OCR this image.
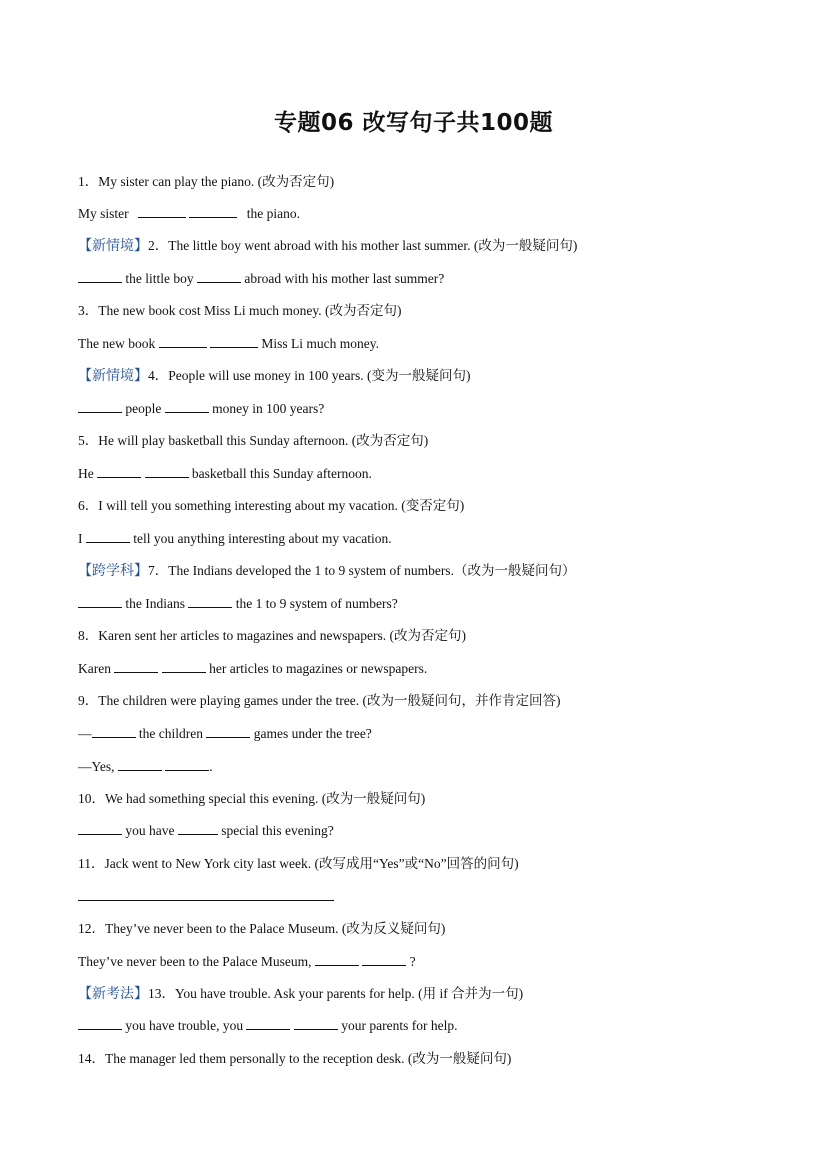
专题06 改写句子共100题
1．My sister can play the piano. (改为否定句)
My sister	the piano.
【新情境】2．The little boy went abroad with his mother last summer. (改为一般疑问句)
the little boy	abroad with his mother last summer?
3．The new book cost Miss Li much money. (改为否定句)
The new book	Miss Li much money.
【新情境】4．People will use money in 100 years. (变为一般疑问句)
people	money in 100 years?
5．He will play basketball this Sunday afternoon. (改为否定句)
He	basketball this Sunday afternoon.
6．I will tell you something interesting about my vacation. (变否定句)
I	tell you anything interesting about my vacation.
【跨学科】7．The Indians developed the 1 to 9 system of numbers.（改为一般疑问句）
the Indians	the 1 to 9 system of numbers?
8．Karen sent her articles to magazines and newspapers. (改为否定句)
Karen	her articles to magazines or newspapers.
9．The children were playing games under the tree. (改为一般疑问句，并作肯定回答)
—	the children	games under the tree?
—Yes,	.
10．We had something special this evening. (改为一般疑问句)
you have	special this evening?
11．Jack went to New York city last week. (改写成用“Yes”或“No”回答的问句)
12．They’ve never been to the Palace Museum. (改为反义疑问句)
They’ve never been to the Palace Museum,	?
【新考法】13．You have trouble. Ask your parents for help. (用 if 合并为一句)
you have trouble, you	your parents for help.
14．The manager led them personally to the reception desk. (改为一般疑问句)
